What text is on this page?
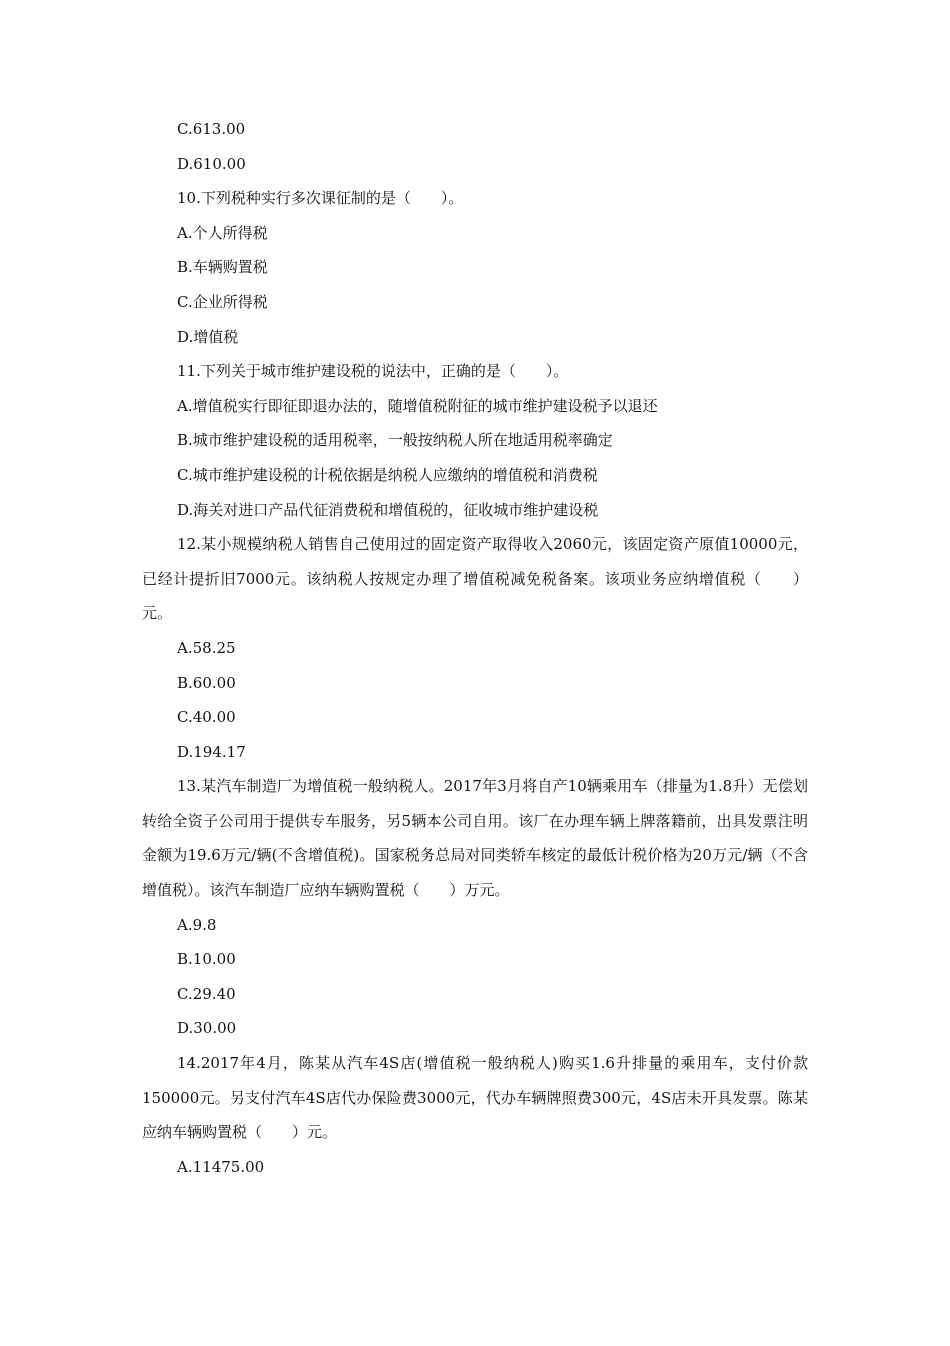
C.613.00
D.610.00
10.下列税种实行多次课征制的是（　　）。
A.个人所得税
B.车辆购置税
C.企业所得税
D.增值税
11.下列关于城市维护建设税的说法中，正确的是（　　）。
A.增值税实行即征即退办法的，随增值税附征的城市维护建设税予以退还
B.城市维护建设税的适用税率，一般按纳税人所在地适用税率确定
C.城市维护建设税的计税依据是纳税人应缴纳的增值税和消费税
D.海关对进口产品代征消费税和增值税的，征收城市维护建设税
12.某小规模纳税人销售自己使用过的固定资产取得收入2060元，该固定资产原值10000元，已经计提折旧7000元。该纳税人按规定办理了增值税减免税备案。该项业务应纳增值税（　　）元。
A.58.25
B.60.00
C.40.00
D.194.17
13.某汽车制造厂为增值税一般纳税人。2017年3月将自产10辆乘用车（排量为1.8升）无偿划转给全资子公司用于提供专车服务，另5辆本公司自用。该厂在办理车辆上牌落籍前，出具发票注明金额为19.6万元/辆(不含增值税)。国家税务总局对同类轿车核定的最低计税价格为20万元/辆（不含增值税）。该汽车制造厂应纳车辆购置税（　　）万元。
A.9.8
B.10.00
C.29.40
D.30.00
14.2017年4月，陈某从汽车4S店(增值税一般纳税人)购买1.6升排量的乘用车，支付价款150000元。另支付汽车4S店代办保险费3000元，代办车辆牌照费300元，4S店未开具发票。陈某应纳车辆购置税（　　）元。
A.11475.00
